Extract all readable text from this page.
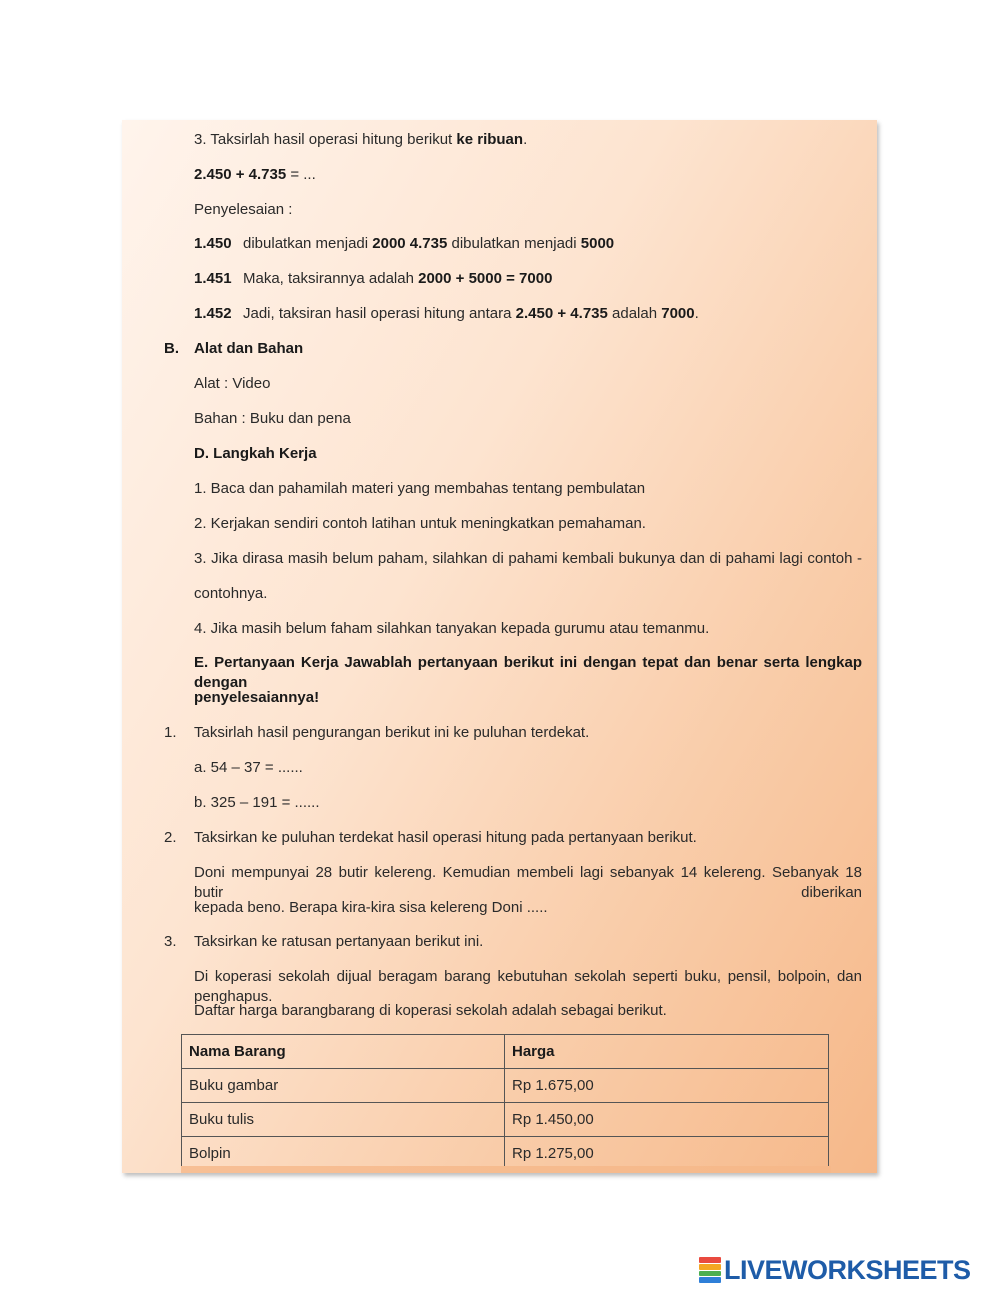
3. Taksirlah hasil operasi hitung berikut ke ribuan.
2.450 + 4.735 = ...
Penyelesaian :
1.450 dibulatkan menjadi 2000 4.735 dibulatkan menjadi 5000
1.451 Maka, taksirannya adalah 2000 + 5000 = 7000
1.452 Jadi, taksiran hasil operasi hitung antara 2.450 + 4.735 adalah 7000.
B. Alat dan Bahan
Alat : Video
Bahan : Buku dan pena
D. Langkah Kerja
1. Baca dan pahamilah materi yang membahas tentang pembulatan
2. Kerjakan sendiri contoh latihan untuk meningkatkan pemahaman.
3. Jika dirasa masih belum paham, silahkan di pahami kembali bukunya dan di pahami lagi contoh -
contohnya.
4. Jika masih belum faham silahkan tanyakan kepada gurumu atau temanmu.
E. Pertanyaan Kerja Jawablah pertanyaan berikut ini dengan tepat dan benar serta lengkap dengan
penyelesaiannya!
1. Taksirlah hasil pengurangan berikut ini ke puluhan terdekat.
a. 54 – 37 = ......
b. 325 – 191 = ......
2. Taksirkan ke puluhan terdekat hasil operasi hitung pada pertanyaan berikut.
Doni mempunyai 28 butir kelereng. Kemudian membeli lagi sebanyak 14 kelereng. Sebanyak 18 butir diberikan
kepada beno. Berapa kira-kira sisa kelereng Doni .....
3. Taksirkan ke ratusan pertanyaan berikut ini.
Di koperasi sekolah dijual beragam barang kebutuhan sekolah seperti buku, pensil, bolpoin, dan penghapus.
Daftar harga barangbarang di koperasi sekolah adalah sebagai berikut.
Nama Barang	Harga
Buku gambar	Rp 1.675,00
Buku tulis	Rp 1.450,00
Bolpin	Rp 1.275,00
LIVEWORKSHEETS
